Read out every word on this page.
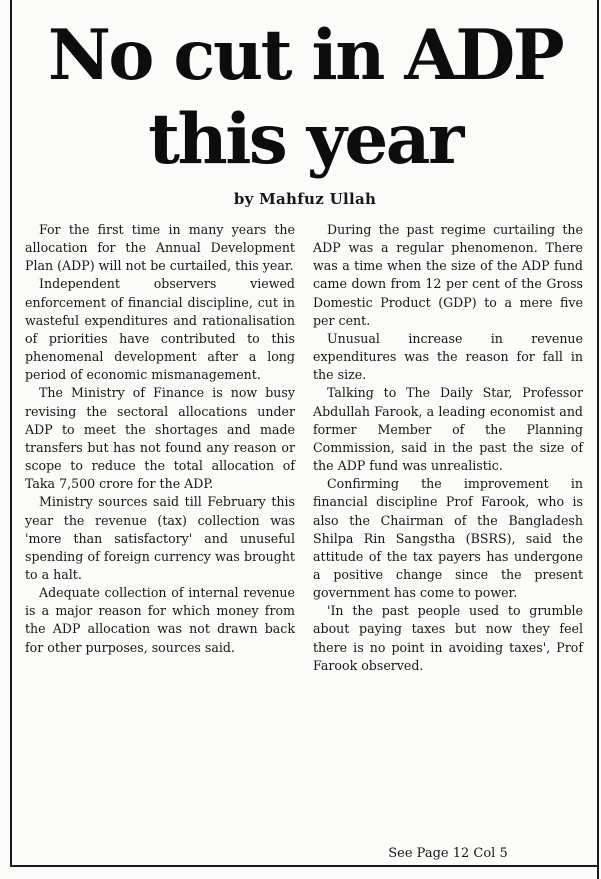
No cut in ADP
this year
by Mahfuz Ullah

For the first time in many years the allocation for the Annual Development Plan (ADP) will not be curtailed, this year.

Independent observers viewed enforcement of financial discipline, cut in wasteful expenditures and rationalisation of priorities have contributed to this phenomenal development after a long period of economic mismanagement.

The Ministry of Finance is now busy revising the sectoral allocations under ADP to meet the shortages and made transfers but has not found any reason or scope to reduce the total allocation of Taka 7,500 crore for the ADP.

Ministry sources said till February this year the revenue (tax) collection was 'more than satisfactory' and unuseful spending of foreign currency was brought to a halt.

Adequate collection of internal revenue is a major reason for which money from the ADP allocation was not drawn back for other purposes, sources said.

During the past regime curtailing the ADP was a regular phenomenon. There was a time when the size of the ADP fund came down from 12 per cent of the Gross Domestic Product (GDP) to a mere five per cent.

Unusual increase in revenue expenditures was the reason for fall in the size.

Talking to The Daily Star, Professor Abdullah Farook, a leading economist and former Member of the Planning Commission, said in the past the size of the ADP fund was unrealistic.

Confirming the improvement in financial discipline Prof Farook, who is also the Chairman of the Bangladesh Shilpa Rin Sangstha (BSRS), said the attitude of the tax payers has undergone a positive change since the present government has come to power.

'In the past people used to grumble about paying taxes but now they feel there is no point in avoiding taxes', Prof Farook observed.

See Page 12 Col 5
